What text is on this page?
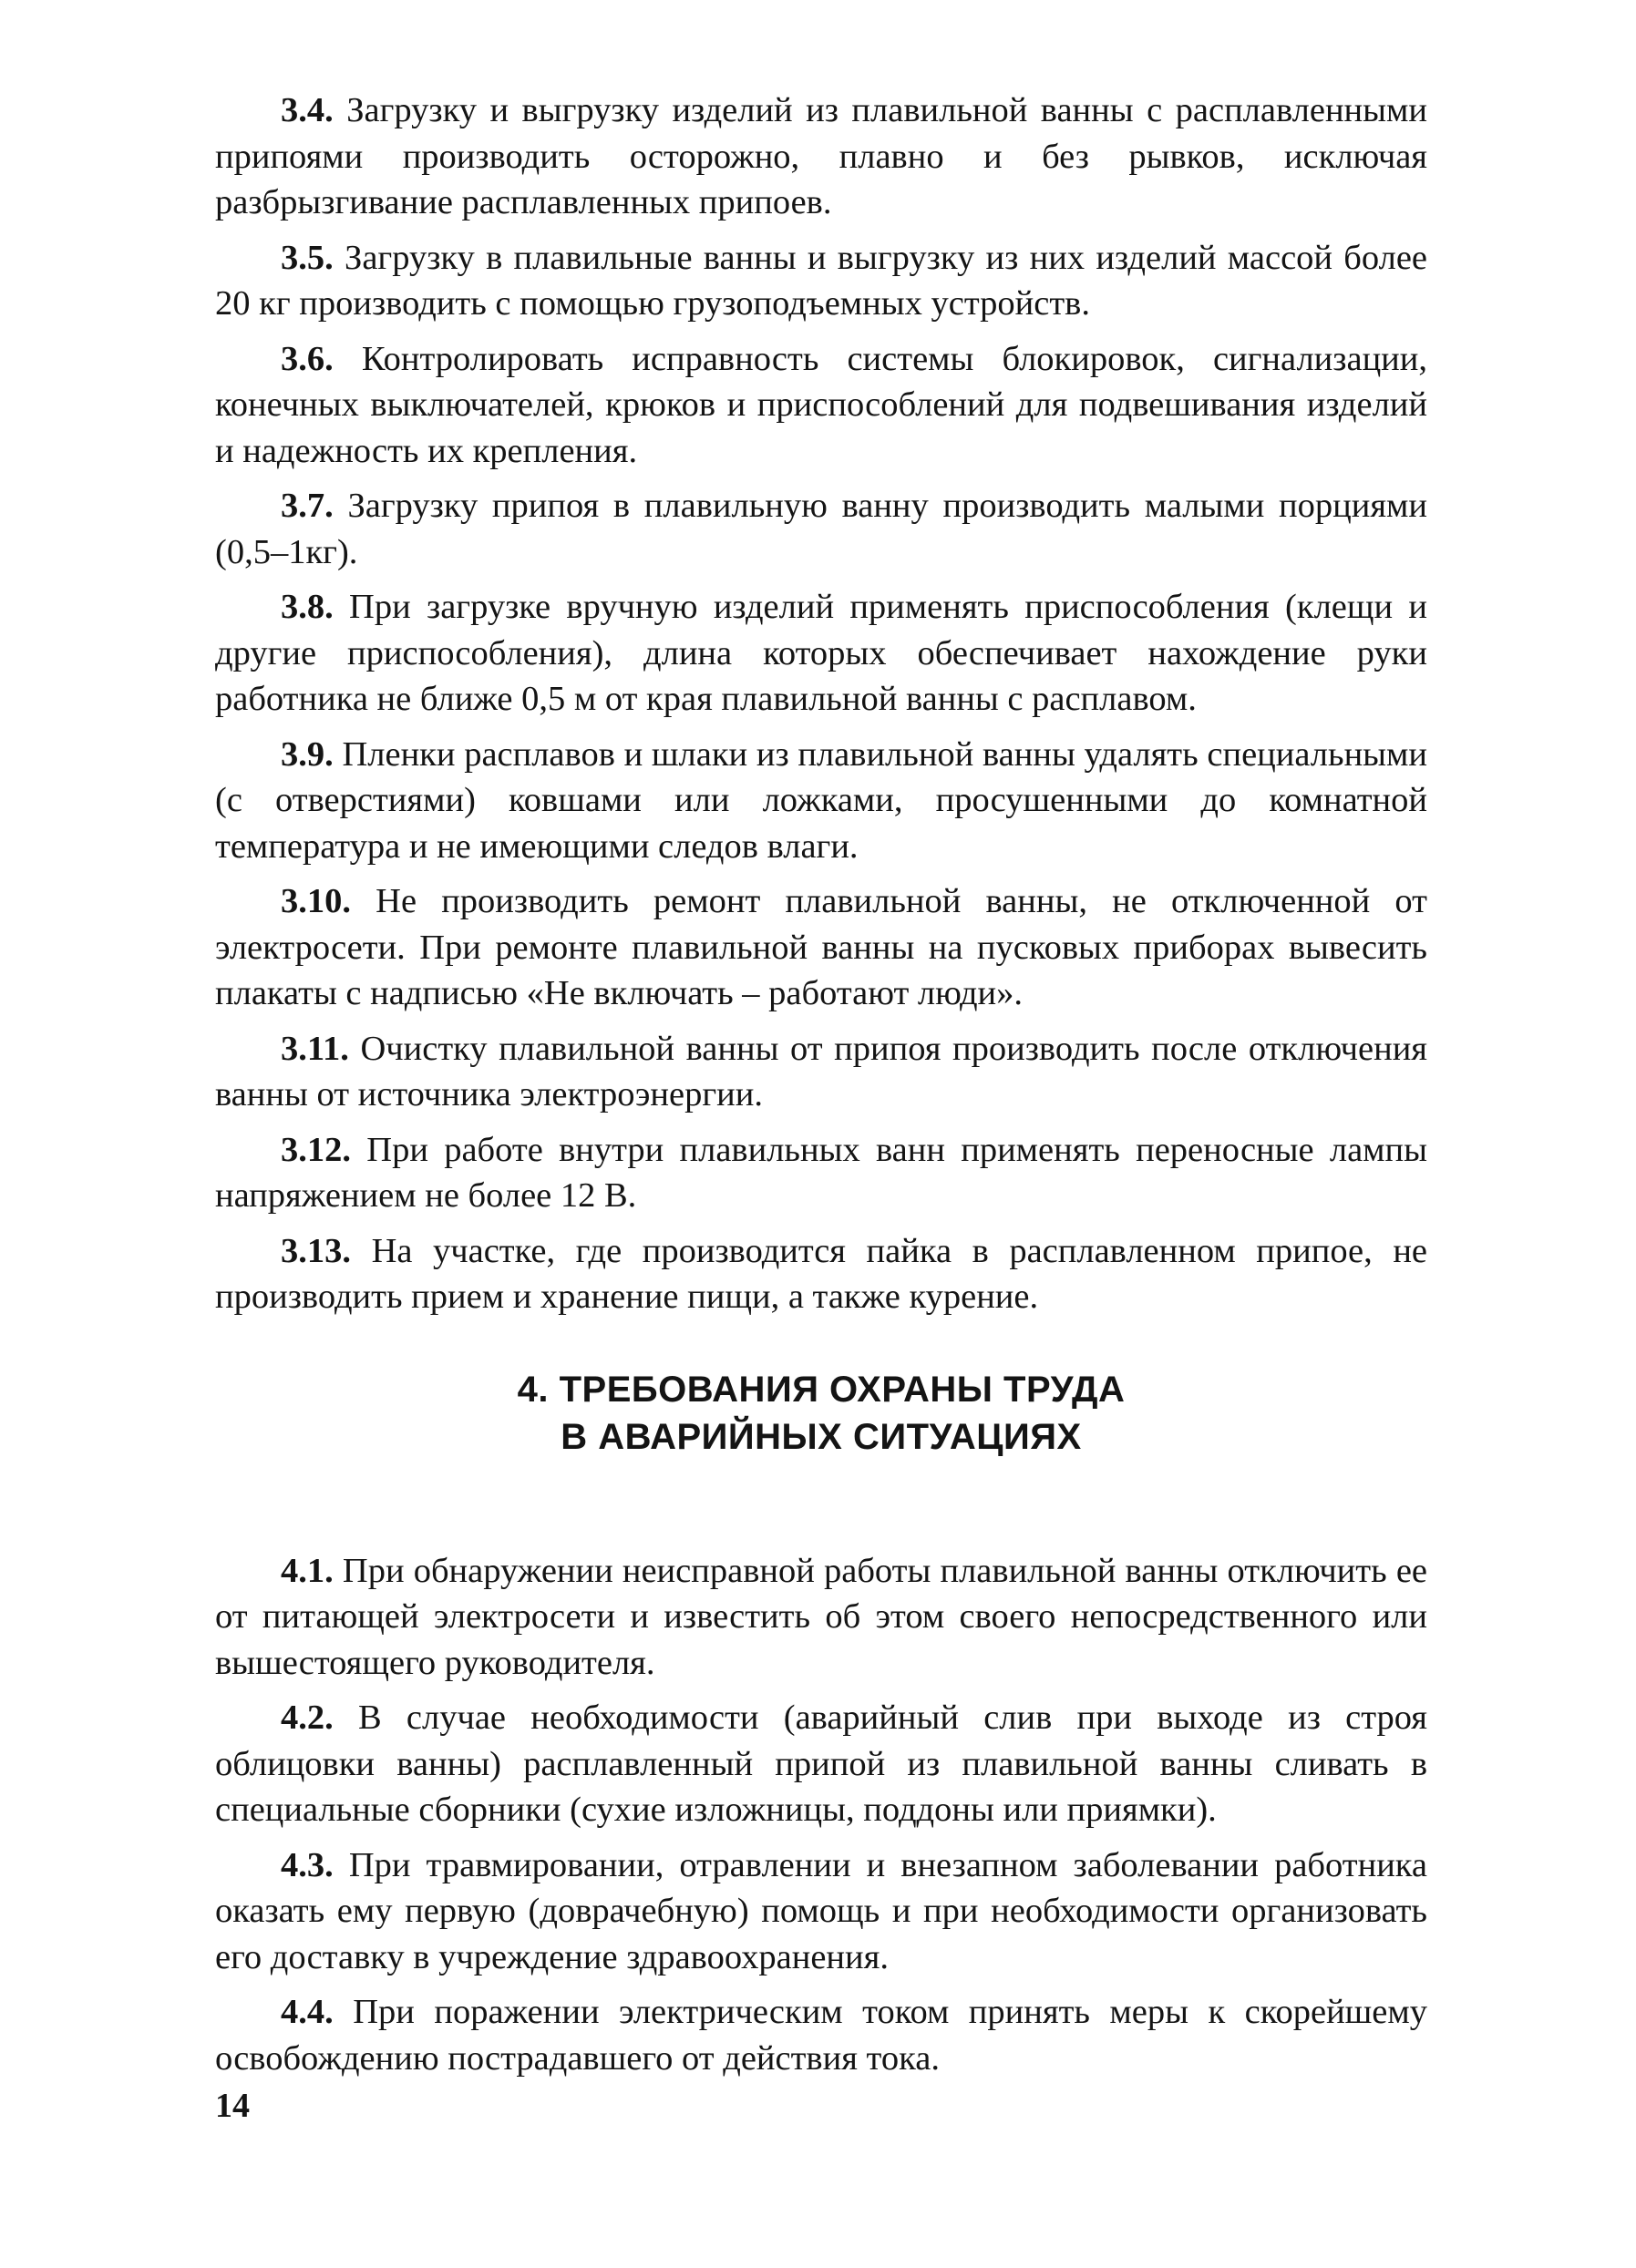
3.4. Загрузку и выгрузку изделий из плавильной ванны с расплавленными припоями производить осторожно, плавно и без рывков, исключая разбрызгивание расплавленных припоев.

3.5. Загрузку в плавильные ванны и выгрузку из них изделий массой более 20 кг производить с помощью грузоподъемных устройств.

3.6. Контролировать исправность системы блокировок, сигнализации, конечных выключателей, крюков и приспособлений для подвешивания изделий и надежность их крепления.

3.7. Загрузку припоя в плавильную ванну производить малыми порциями (0,5–1кг).

3.8. При загрузке вручную изделий применять приспособления (клещи и другие приспособления), длина которых обеспечивает нахождение руки работника не ближе 0,5 м от края плавильной ванны с расплавом.

3.9. Пленки расплавов и шлаки из плавильной ванны удалять специальными (с отверстиями) ковшами или ложками, просушенными до комнатной температура и не имеющими следов влаги.

3.10. Не производить ремонт плавильной ванны, не отключенной от электросети. При ремонте плавильной ванны на пусковых приборах вывесить плакаты с надписью «Не включать – работают люди».

3.11. Очистку плавильной ванны от припоя производить после отключения ванны от источника электроэнергии.

3.12. При работе внутри плавильных ванн применять переносные лампы напряжением не более 12 В.

3.13. На участке, где производится пайка в расплавленном припое, не производить прием и хранение пищи, а также курение.

4. ТРЕБОВАНИЯ ОХРАНЫ ТРУДА
В АВАРИЙНЫХ СИТУАЦИЯХ

4.1. При обнаружении неисправной работы плавильной ванны отключить ее от питающей электросети и известить об этом своего непосредственного или вышестоящего руководителя.

4.2. В случае необходимости (аварийный слив при выходе из строя облицовки ванны) расплавленный припой из плавильной ванны сливать в специальные сборники (сухие изложницы, поддоны или приямки).

4.3. При травмировании, отравлении и внезапном заболевании работника оказать ему первую (доврачебную) помощь и при необходимости организовать его доставку в учреждение здравоохранения.

4.4. При поражении электрическим током принять меры к скорейшему освобождению пострадавшего от действия тока.

14
